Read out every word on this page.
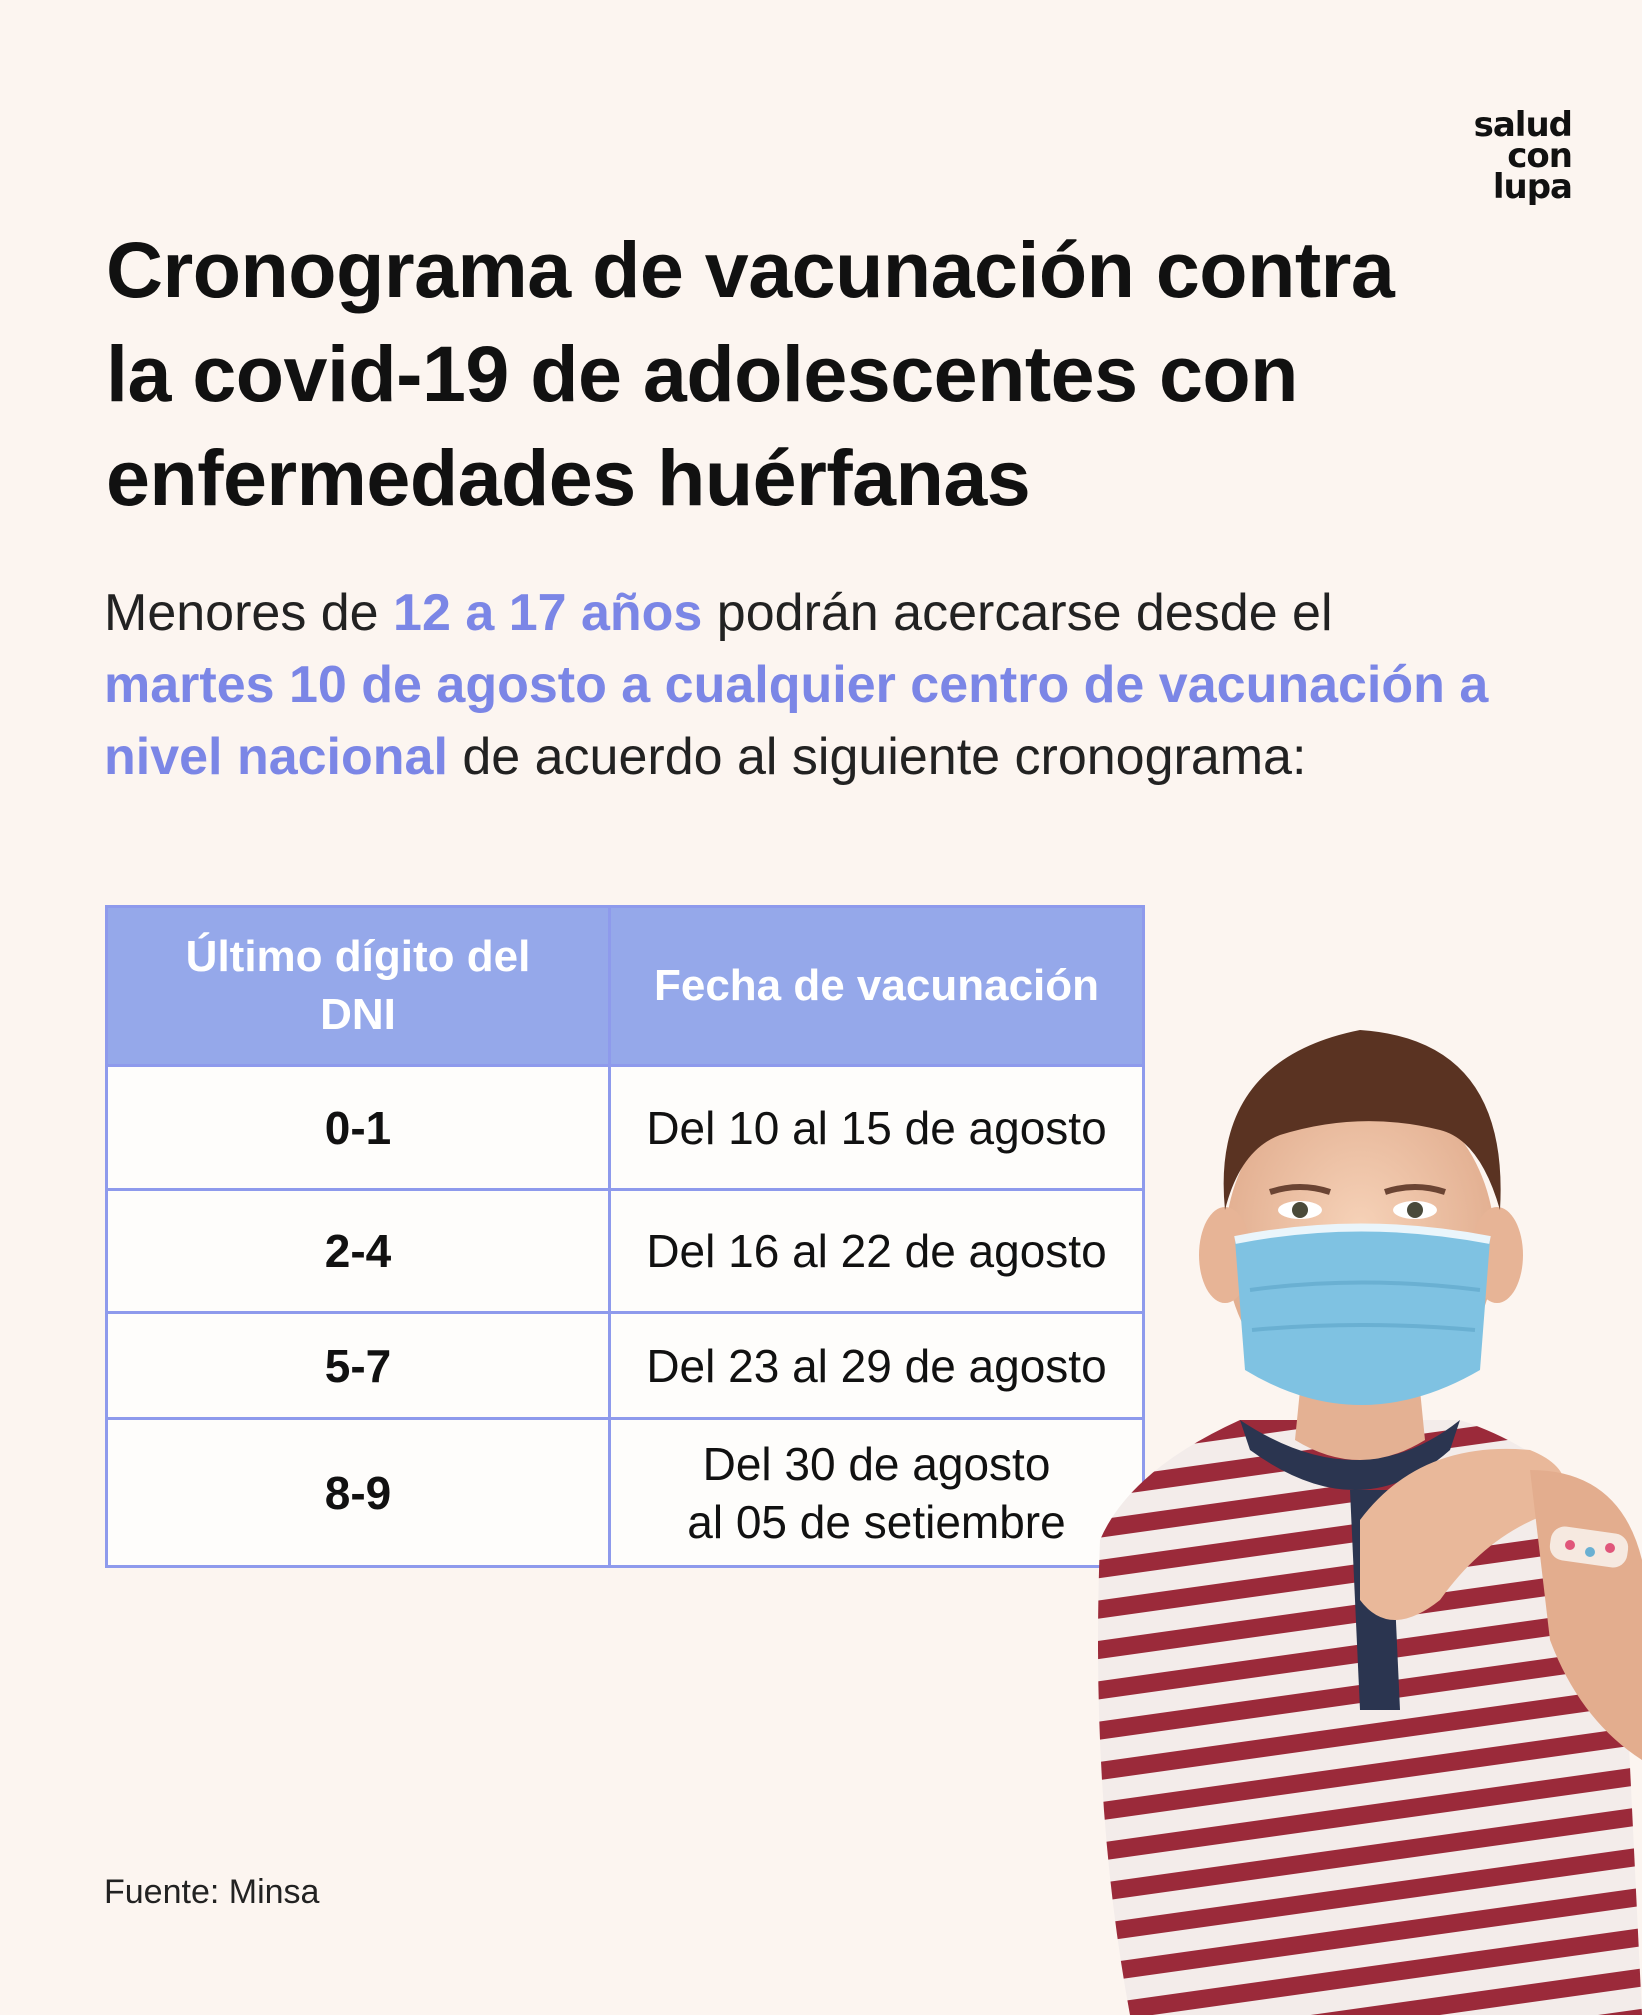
salud
con
lupa
Cronograma de vacunación contra la covid-19 de adolescentes con enfermedades huérfanas

Menores de 12 a 17 años podrán acercarse desde el martes 10 de agosto a cualquier centro de vacunación a nivel nacional de acuerdo al siguiente cronograma:

Último dígito del DNI	Fecha de vacunación
0-1	Del 10 al 15 de agosto

2-4	Del 16 al 22 de agosto

5-7	Del 23 al 29 de agosto

8-9	Del 30 de agosto
al 05 de setiembre
Fuente: Minsa
